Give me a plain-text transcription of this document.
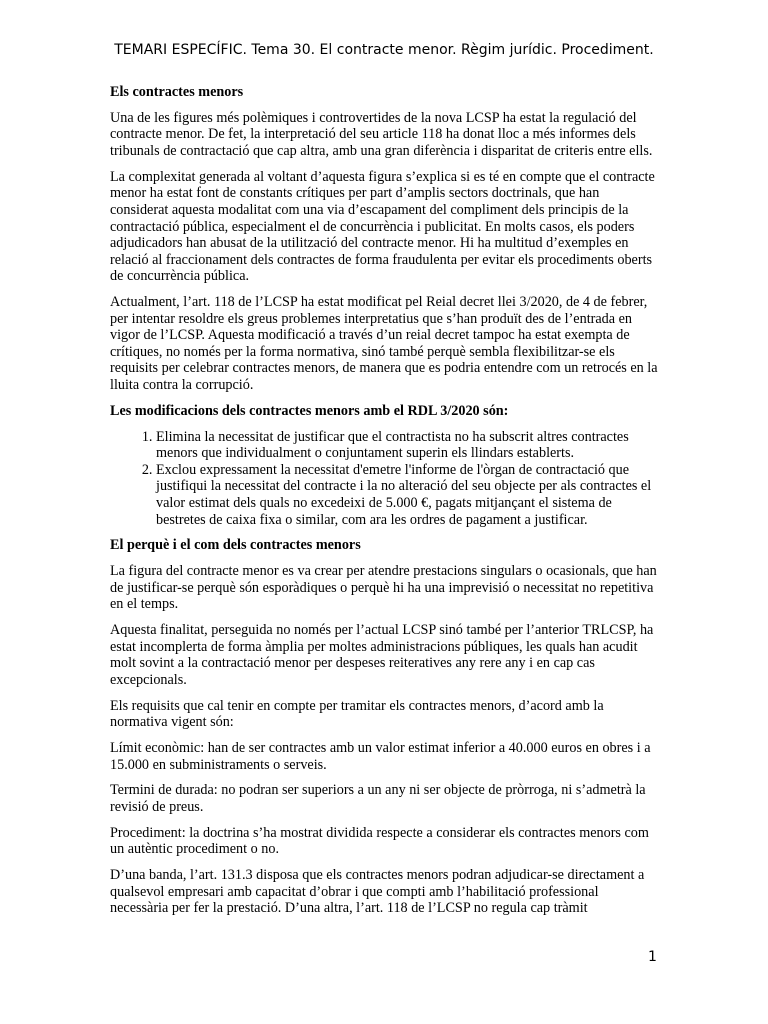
TEMARI ESPECÍFIC. Tema 30. El contracte menor. Règim jurídic. Procediment.
Els contractes menors

Una de les figures més polèmiques i controvertides de la nova LCSP ha estat la regulació del contracte menor. De fet, la interpretació del seu article 118 ha donat lloc a més informes dels tribunals de contractació que cap altra, amb una gran diferència i disparitat de criteris entre ells.

La complexitat generada al voltant d’aquesta figura s’explica si es té en compte que el contracte menor ha estat font de constants crítiques per part d’amplis sectors doctrinals, que han considerat aquesta modalitat com una via d’escapament del compliment dels principis de la contractació pública, especialment el de concurrència i publicitat. En molts casos, els poders adjudicadors han abusat de la utilització del contracte menor. Hi ha multitud d’exemples en relació al fraccionament dels contractes de forma fraudulenta per evitar els procediments oberts de concurrència pública.

Actualment, l’art. 118 de l’LCSP ha estat modificat pel Reial decret llei 3/2020, de 4 de febrer, per intentar resoldre els greus problemes interpretatius que s’han produït des de l’entrada en vigor de l’LCSP. Aquesta modificació a través d’un reial decret tampoc ha estat exempta de crítiques, no només per la forma normativa, sinó també perquè sembla flexibilitzar-se els requisits per celebrar contractes menors, de manera que es podria entendre com un retrocés en la lluita contra la corrupció.

Les modificacions dels contractes menors amb el RDL 3/2020 són:
1. Elimina la necessitat de justificar que el contractista no ha subscrit altres contractes menors que individualment o conjuntament superin els llindars establerts.
2. Exclou expressament la necessitat d'emetre l'informe de l'òrgan de contractació que justifiqui la necessitat del contracte i la no alteració del seu objecte per als contractes el valor estimat dels quals no excedeixi de 5.000 €, pagats mitjançant el sistema de bestretes de caixa fixa o similar, com ara les ordres de pagament a justificar.
El perquè i el com dels contractes menors

La figura del contracte menor es va crear per atendre prestacions singulars o ocasionals, que han de justificar-se perquè són esporàdiques o perquè hi ha una imprevisió o necessitat no repetitiva en el temps.

Aquesta finalitat, perseguida no només per l’actual LCSP sinó també per l’anterior TRLCSP, ha estat incomplerta de forma àmplia per moltes administracions públiques, les quals han acudit molt sovint a la contractació menor per despeses reiteratives any rere any i en cap cas excepcionals.

Els requisits que cal tenir en compte per tramitar els contractes menors, d’acord amb la normativa vigent són:

Límit econòmic: han de ser contractes amb un valor estimat inferior a 40.000 euros en obres i a 15.000 en subministraments o serveis.

Termini de durada: no podran ser superiors a un any ni ser objecte de pròrroga, ni s’admetrà la revisió de preus.

Procediment: la doctrina s’ha mostrat dividida respecte a considerar els contractes menors com un autèntic procediment o no.

D’una banda, l’art. 131.3 disposa que els contractes menors podran adjudicar-se directament a qualsevol empresari amb capacitat d’obrar i que compti amb l’habilitació professional necessària per fer la prestació. D’una altra, l’art. 118 de l’LCSP no regula cap tràmit

1
